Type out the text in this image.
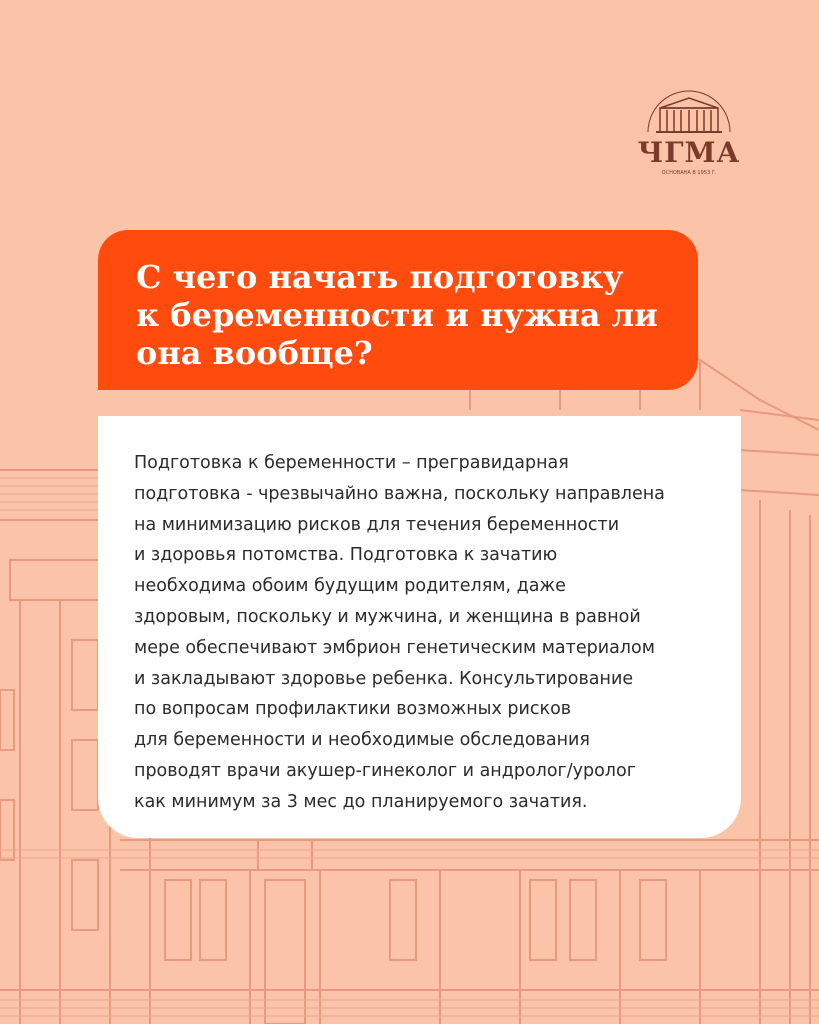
ЧГМА
ОСНОВАНА В 1953 Г.
С чего начать подготовку
к беременности и нужна ли
она вообще?

Подготовка к беременности – прегравидарная
подготовка - чрезвычайно важна, поскольку направлена
на минимизацию рисков для течения беременности
и здоровья потомства. Подготовка к зачатию
необходима обоим будущим родителям, даже
здоровым, поскольку и мужчина, и женщина в равной
мере обеспечивают эмбрион генетическим материалом
и закладывают здоровье ребенка. Консультирование
по вопросам профилактики возможных рисков
для беременности и необходимые обследования
проводят врачи акушер-гинеколог и андролог/уролог
как минимум за 3 мес до планируемого зачатия.
